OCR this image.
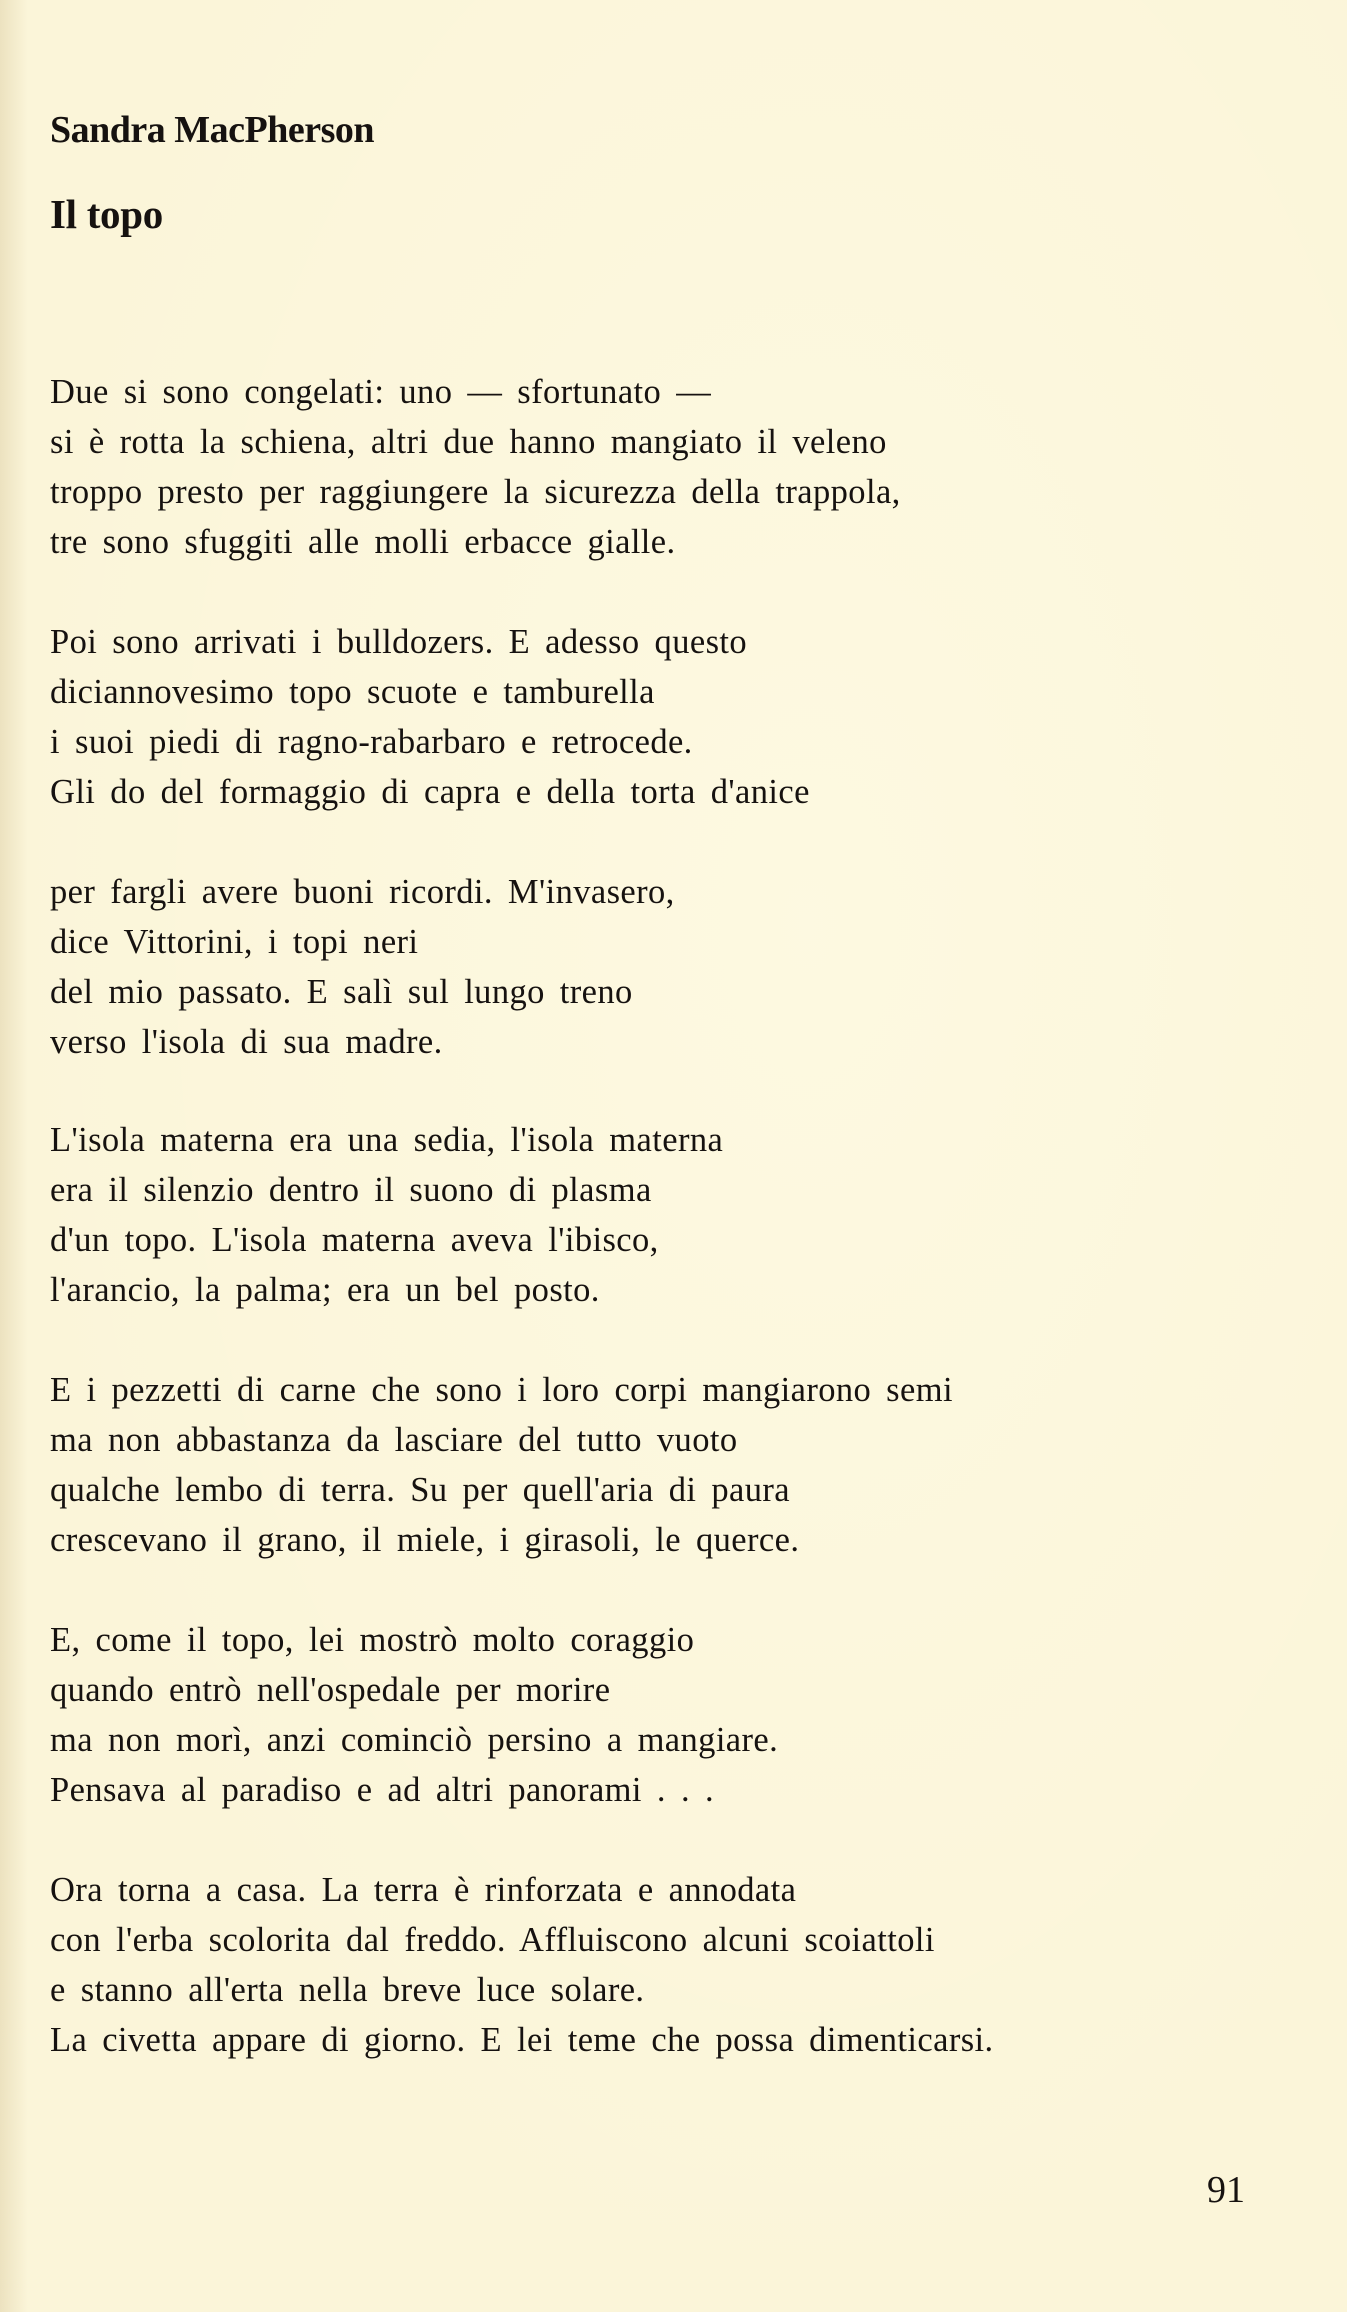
Sandra MacPherson
Il topo
Due si sono congelati: uno — sfortunato —
si è rotta la schiena, altri due hanno mangiato il veleno
troppo presto per raggiungere la sicurezza della trappola,
tre sono sfuggiti alle molli erbacce gialle.
Poi sono arrivati i bulldozers. E adesso questo
diciannovesimo topo scuote e tamburella
i suoi piedi di ragno-rabarbaro e retrocede.
Gli do del formaggio di capra e della torta d'anice
per fargli avere buoni ricordi. M'invasero,
dice Vittorini, i topi neri
del mio passato. E salì sul lungo treno
verso l'isola di sua madre.
L'isola materna era una sedia, l'isola materna
era il silenzio dentro il suono di plasma
d'un topo. L'isola materna aveva l'ibisco,
l'arancio, la palma; era un bel posto.
E i pezzetti di carne che sono i loro corpi mangiarono semi
ma non abbastanza da lasciare del tutto vuoto
qualche lembo di terra. Su per quell'aria di paura
crescevano il grano, il miele, i girasoli, le querce.
E, come il topo, lei mostrò molto coraggio
quando entrò nell'ospedale per morire
ma non morì, anzi cominciò persino a mangiare.
Pensava al paradiso e ad altri panorami . . .
Ora torna a casa. La terra è rinforzata e annodata
con l'erba scolorita dal freddo. Affluiscono alcuni scoiattoli
e stanno all'erta nella breve luce solare.
La civetta appare di giorno. E lei teme che possa dimenticarsi.

91
